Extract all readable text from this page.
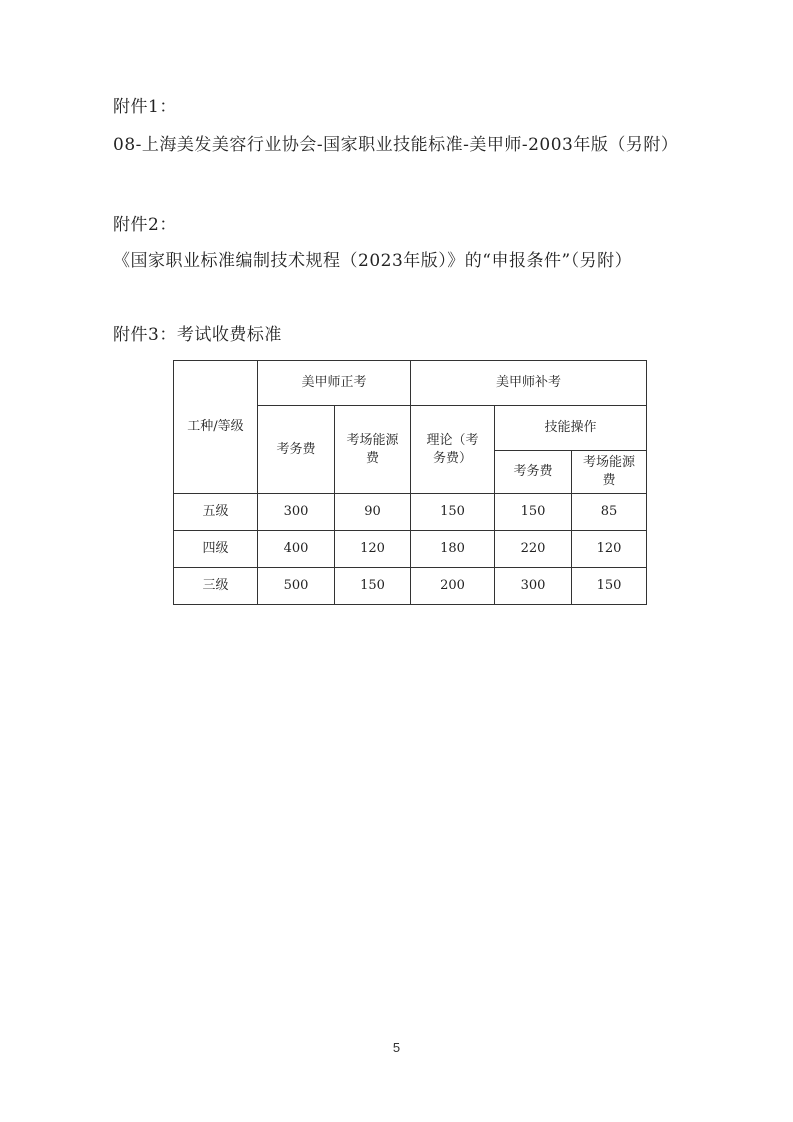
附件1：
08-上海美发美容行业协会-国家职业技能标准-美甲师-2003年版（另附）
附件2：
《国家职业标准编制技术规程（2023年版）》的“申报条件”（另附）
附件3：考试收费标准
工种/等级	美甲师正考		美甲师补考		
	考务费	考场能源费	理论（考务费）	技能操作	
				考务费	考场能源费

五级	300	90	150	150	85
四级	400	120	180	220	120
三级	500	150	200	300	150
5
